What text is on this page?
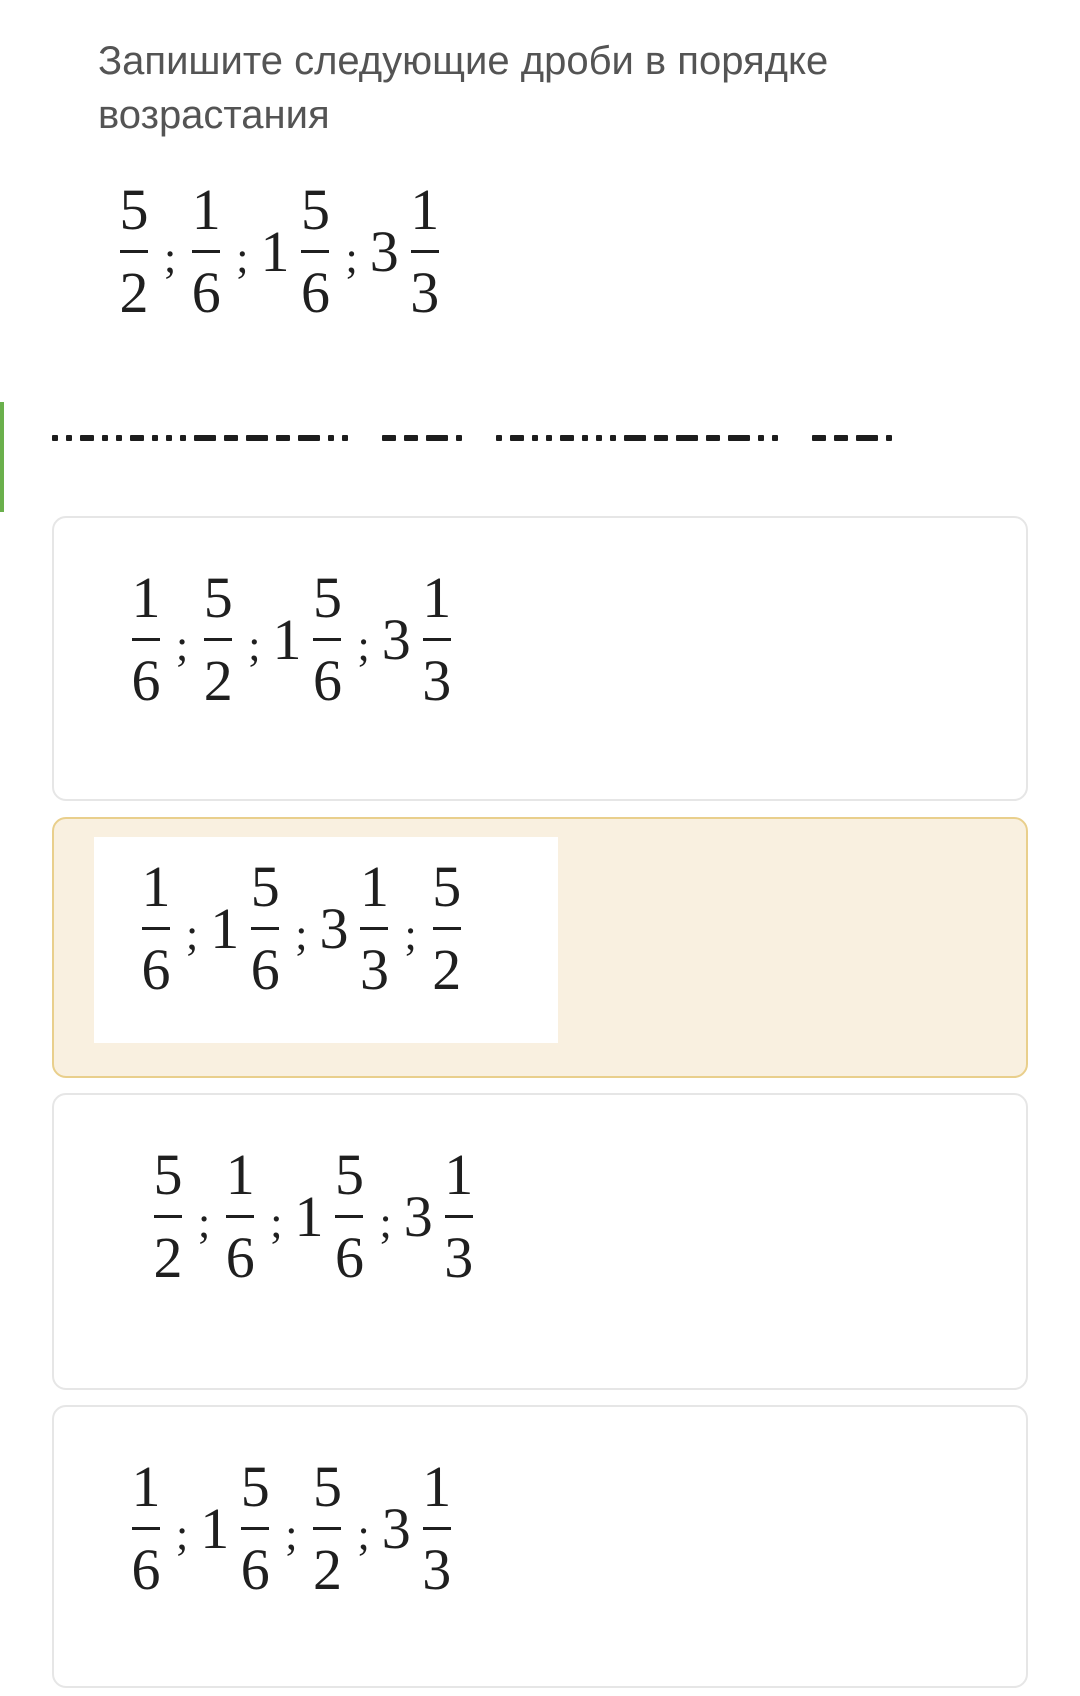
Запишите следующие дроби в порядке возрастания
$\frac{5}{2}$ ; $\frac{1}{6}$ ; $1 \frac{5}{6}$ ; $3 \frac{1}{3}$
$\frac{1}{6}$ ; $\frac{5}{2}$ ; $1 \frac{5}{6}$ ; $3 \frac{1}{3}$
$\frac{1}{6}$ ; $1 \frac{5}{6}$ ; $3 \frac{1}{3}$ ; $\frac{5}{2}$
$\frac{5}{2}$ ; $\frac{1}{6}$ ; $1 \frac{5}{6}$ ; $3 \frac{1}{3}$
$\frac{1}{6}$ ; $1 \frac{5}{6}$ ; $\frac{5}{2}$ ; $3 \frac{1}{3}$
